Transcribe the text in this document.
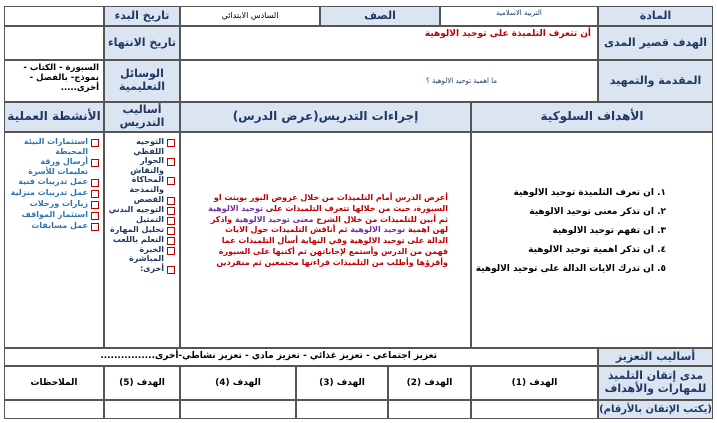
المادة
التربية الاسلامية
الصف
السادس الابتدائي
تاريخ البدء
الهدف قصير المدى
أن تتعرف التلميذة على توحيد الالوهية
تاريخ الانتهاء
المقدمة والتمهيد
ما اهمية توحيد الالوهية ؟
الوسائل التعليمية
السبورة - الكتاب - نموذج- بالفصل - أخرى.....
الأهداف السلوكية
إجراءات التدريس(عرض الدرس)
أساليب التدريس
الأنشطة العملية
١. ان تعرف التلميذة توحيد الالوهية
٢. ان تذكر معنى توحيد الالوهية
٣. ان تفهم توحيد الالوهية
٤. ان تذكر اهمية توحيد الالوهية
٥. ان تدرك الايات الدالة على توحيد الالوهية
أعرض الدرس أمام التلميذات من خلال عروض البور بوينت او السبورة، حيث من خلالها تتعرف التلميذات على توحيد الالوهية ثم أبين للتلميذات من خلال الشرح معنى توحيد الالوهية واذكر لهن اهمية توحيد الالوهية ثم أناقش التلميذات حول الايات الدالة على توحيد الالوهية وفي النهاية أسأل التلميذات عما فهمن من الدرس وأستمع لإجاباتهن ثم أكتبها على السبورة وأقرؤها وأطلب من التلميذات قراءتها مجتمعين ثم منفردين
التوجيه اللفظي
الحوار والنقاش
المحاكاة والنمذجة
القصص
التوجيه البدني
التمثيل
تحليل المهارة
التعلم باللعب
الخبرة المباشرة
أخرى:
استثمارات البيئة المحيطة
أرسال ورقة تعليمات للأسرة
عمل تدريبات فنية
عمل تدريبات منزلية
زيارات ورحلات
استثمار المواقف
عمل مسابقات
أساليب التعزيز
تعزيز اجتماعي - تعزيز غذائي - تعزيز مادي - تعزيز نشاطي-أخرى................
مدى إتقان التلميذ للمهارات والأهداف
الهدف (1)
الهدف (2)
الهدف (3)
الهدف (4)
الهدف (5)
الملاحظات
(يكتب الإتقان بالأرقام)
